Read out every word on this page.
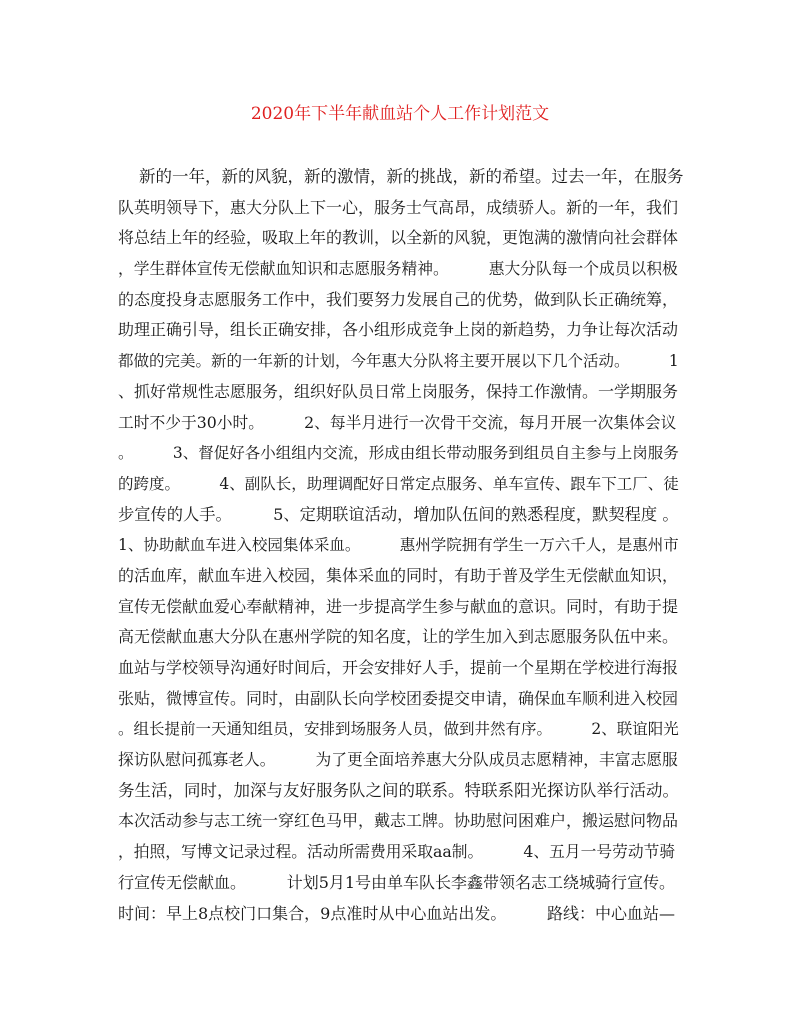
2020年下半年献血站个人工作计划范文
新的一年，新的风貌，新的激情，新的挑战，新的希望。过去一年，在服务
队英明领导下，惠大分队上下一心，服务士气高昂，成绩骄人。新的一年，我们
将总结上年的经验，吸取上年的教训，以全新的风貌，更饱满的激情向社会群体
，学生群体宣传无偿献血知识和志愿服务精神。        惠大分队每一个成员以积极
的态度投身志愿服务工作中，我们要努力发展自己的优势，做到队长正确统筹，
助理正确引导，组长正确安排，各小组形成竞争上岗的新趋势，力争让每次活动
都做的完美。新的一年新的计划，今年惠大分队将主要开展以下几个活动。        1
、抓好常规性志愿服务，组织好队员日常上岗服务，保持工作激情。一学期服务
工时不少于30小时。        2、每半月进行一次骨干交流，每月开展一次集体会议
。        3、督促好各小组组内交流，形成由组长带动服务到组员自主参与上岗服务
的跨度。        4、副队长，助理调配好日常定点服务、单车宣传、跟车下工厂、徒
步宣传的人手。        5、定期联谊活动，增加队伍间的熟悉程度，默契程度 。
1、协助献血车进入校园集体采血。        惠州学院拥有学生一万六千人，是惠州市
的活血库，献血车进入校园，集体采血的同时，有助于普及学生无偿献血知识，
宣传无偿献血爱心奉献精神，进一步提高学生参与献血的意识。同时，有助于提
高无偿献血惠大分队在惠州学院的知名度，让的学生加入到志愿服务队伍中来。
血站与学校领导沟通好时间后，开会安排好人手，提前一个星期在学校进行海报
张贴，微博宣传。同时，由副队长向学校团委提交申请，确保血车顺利进入校园
。组长提前一天通知组员，安排到场服务人员，做到井然有序。        2、联谊阳光
探访队慰问孤寡老人。        为了更全面培养惠大分队成员志愿精神，丰富志愿服
务生活，同时，加深与友好服务队之间的联系。特联系阳光探访队举行活动。
本次活动参与志工统一穿红色马甲，戴志工牌。协助慰问困难户，搬运慰问物品
，拍照，写博文记录过程。活动所需费用采取aa制。        4、五月一号劳动节骑
行宣传无偿献血。        计划5月1号由单车队长李鑫带领名志工绕城骑行宣传。
时间：早上8点校门口集合，9点准时从中心血站出发。        路线：中心血站—
